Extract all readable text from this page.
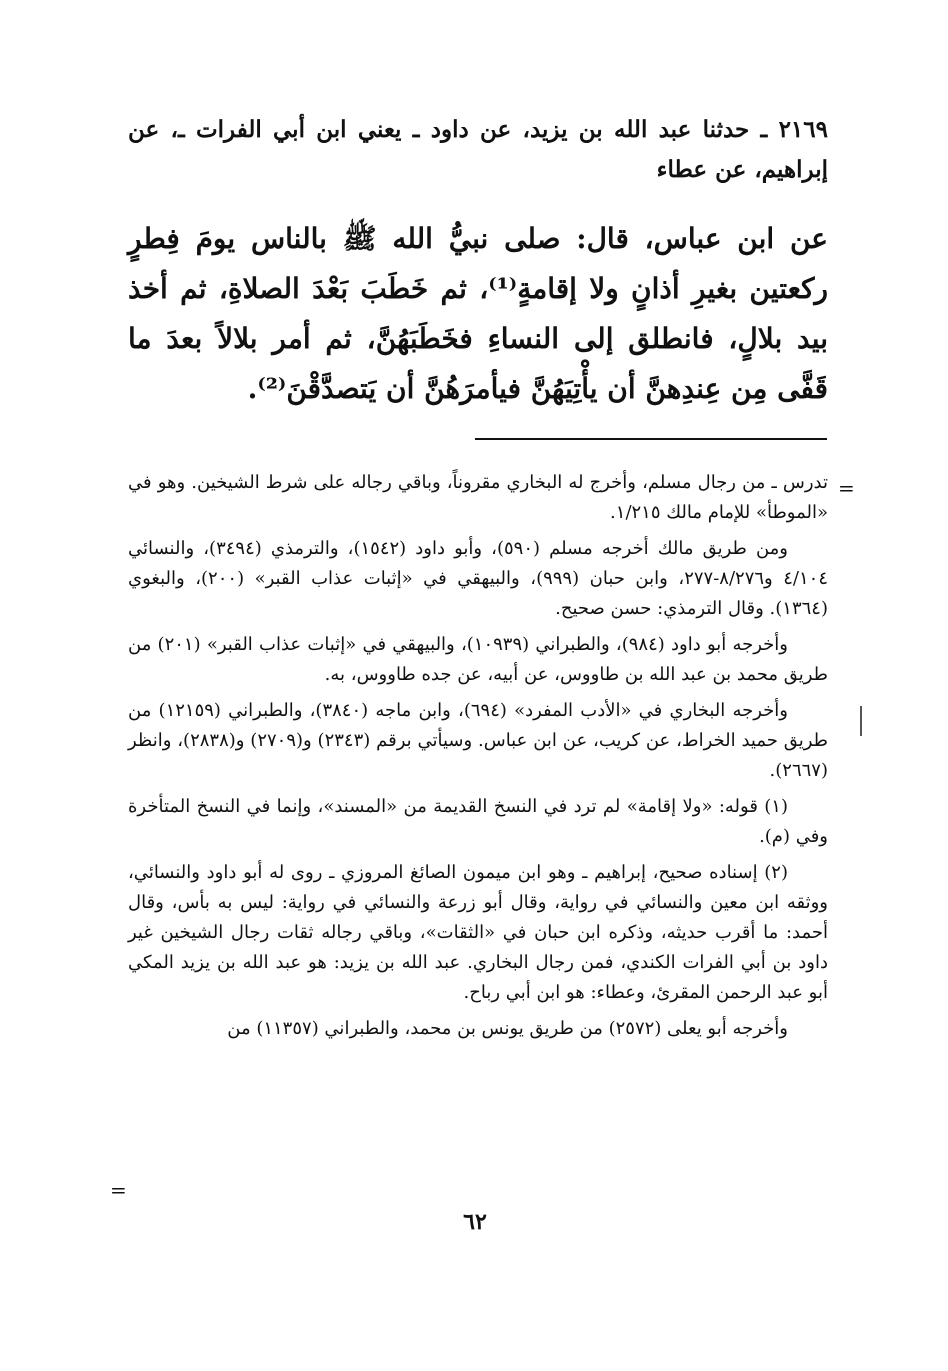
٢١٦٩ ـ حدثنا عبد الله بن يزيد، عن داود ـ يعني ابن أبي الفرات ـ، عن إبراهيم، عن عطاء

عن ابن عباس، قال: صلى نبيُّ الله ﷺ بالناس يومَ فِطرٍ ركعتين بغيرِ أذانٍ ولا إقامةٍ⁽¹⁾، ثم خَطَبَ بَعْدَ الصلاةِ، ثم أخذ بيد بلالٍ، فانطلق إلى النساءِ فخَطَبَهُنَّ، ثم أمر بلالاً بعدَ ما قَفَّى مِن عِندِهنَّ أن يأْتِيَهُنَّ فيأمرَهُنَّ أن يَتصدَّقْنَ⁽²⁾.

=

تدرس ـ من رجال مسلم، وأخرج له البخاري مقروناً، وباقي رجاله على شرط الشيخين. وهو في «الموطأ» للإمام مالك ١/٢١٥.

ومن طريق مالك أخرجه مسلم (٥٩٠)، وأبو داود (١٥٤٢)، والترمذي (٣٤٩٤)، والنسائي ٤/١٠٤ و٨/٢٧٦-٢٧٧، وابن حبان (٩٩٩)، والبيهقي في «إثبات عذاب القبر» (٢٠٠)، والبغوي (١٣٦٤). وقال الترمذي: حسن صحيح.

وأخرجه أبو داود (٩٨٤)، والطبراني (١٠٩٣٩)، والبيهقي في «إثبات عذاب القبر» (٢٠١) من طريق محمد بن عبد الله بن طاووس، عن أبيه، عن جده طاووس، به.

وأخرجه البخاري في «الأدب المفرد» (٦٩٤)، وابن ماجه (٣٨٤٠)، والطبراني (١٢١٥٩) من طريق حميد الخراط، عن كريب، عن ابن عباس. وسيأتي برقم (٢٣٤٣) و(٢٧٠٩) و(٢٨٣٨)، وانظر (٢٦٦٧).

(١) قوله: «ولا إقامة» لم ترد في النسخ القديمة من «المسند»، وإنما في النسخ المتأخرة وفي (م).

(٢) إسناده صحيح، إبراهيم ـ وهو ابن ميمون الصائغ المروزي ـ روى له أبو داود والنسائي، ووثقه ابن معين والنسائي في رواية، وقال أبو زرعة والنسائي في رواية: ليس به بأس، وقال أحمد: ما أقرب حديثه، وذكره ابن حبان في «الثقات»، وباقي رجاله ثقات رجال الشيخين غير داود بن أبي الفرات الكندي، فمن رجال البخاري. عبد الله بن يزيد: هو عبد الله بن يزيد المكي أبو عبد الرحمن المقرئ، وعطاء: هو ابن أبي رباح.

وأخرجه أبو يعلى (٢٥٧٢) من طريق يونس بن محمد، والطبراني (١١٣٥٧) من

=
٦٢
